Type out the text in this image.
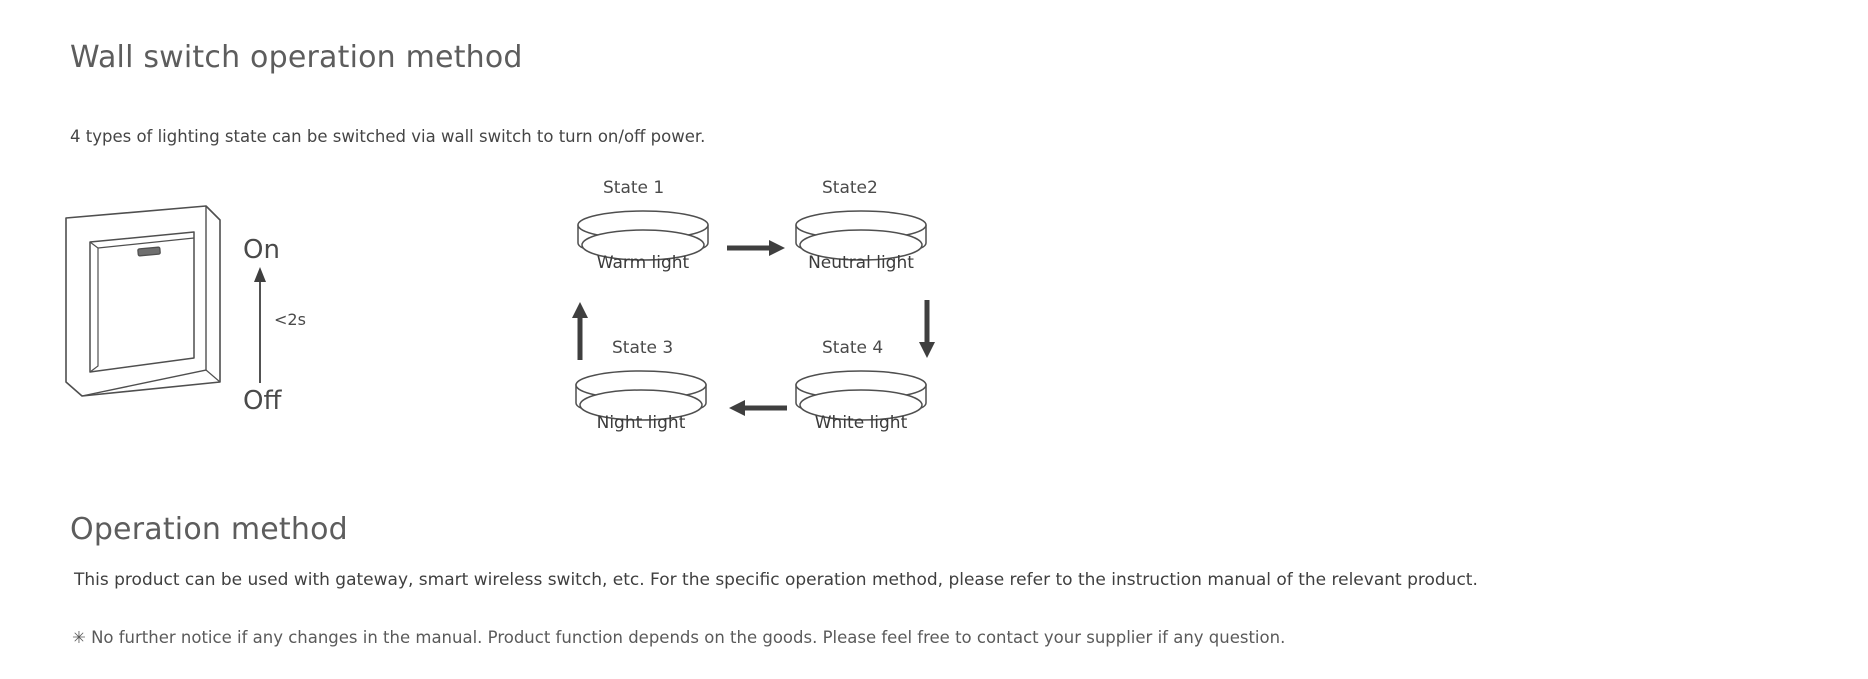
Wall switch operation method
4 types of lighting state can be switched via wall switch to turn on/off power.
On
Off
<2s
State 1	State2
State 3	State 4
Warm light	Neutral light
Night light	White light
Operation method
This product can be used with gateway, smart wireless switch, etc. For the specific operation method, please refer to the instruction manual of the relevant product.
✳ No further notice if any changes in the manual. Product function depends on the goods. Please feel free to contact your supplier if any question.
